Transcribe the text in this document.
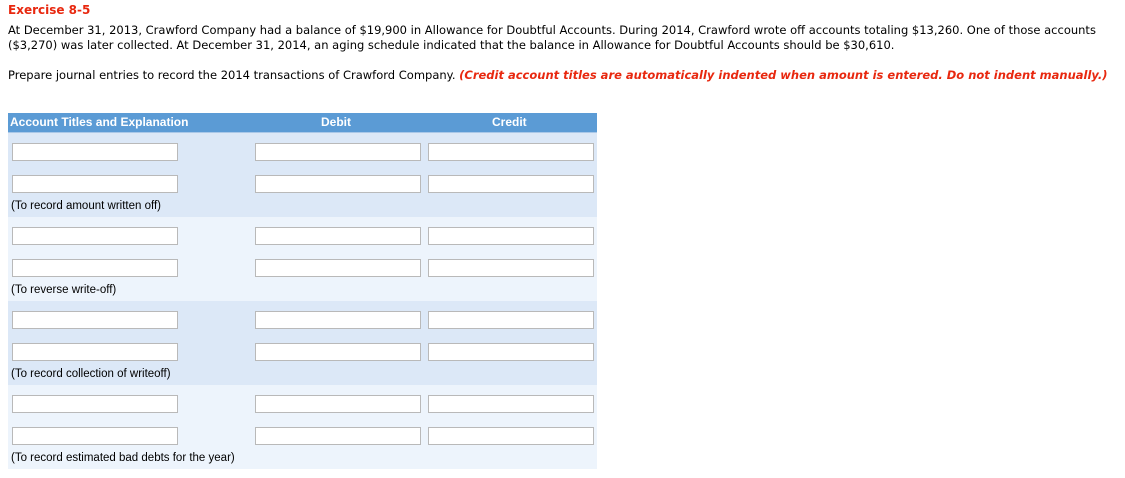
Exercise 8-5
At December 31, 2013, Crawford Company had a balance of $19,900 in Allowance for Doubtful Accounts. During 2014, Crawford wrote off accounts totaling $13,260. One of those accounts ($3,270) was later collected. At December 31, 2014, an aging schedule indicated that the balance in Allowance for Doubtful Accounts should be $30,610.
Prepare journal entries to record the 2014 transactions of Crawford Company. (Credit account titles are automatically indented when amount is entered. Do not indent manually.)
Account Titles and Explanation	Debit	Credit
(To record amount written off)
(To reverse write-off)
(To record collection of writeoff)
(To record estimated bad debts for the year)
